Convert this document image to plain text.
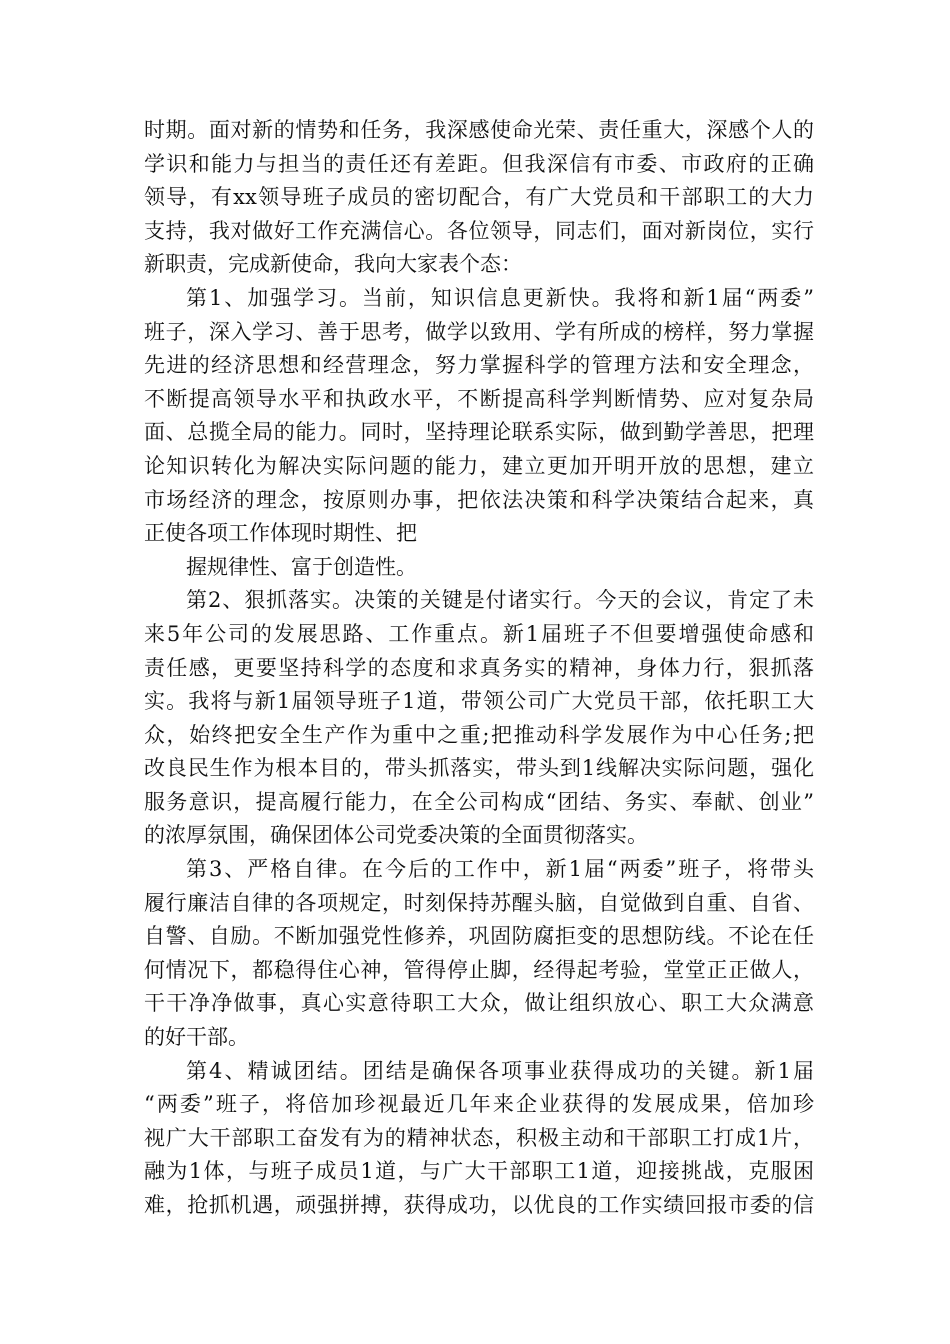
时期。面对新的情势和任务，我深感使命光荣、责任重大，深感个人的
学识和能力与担当的责任还有差距。但我深信有市委、市政府的正确
领导，有xx领导班子成员的密切配合，有广大党员和干部职工的大力
支持，我对做好工作充满信心。各位领导，同志们，面对新岗位，实行
新职责，完成新使命，我向大家表个态：
第1、加强学习。当前，知识信息更新快。我将和新1届“两委”
班子，深入学习、善于思考，做学以致用、学有所成的榜样，努力掌握
先进的经济思想和经营理念，努力掌握科学的管理方法和安全理念，
不断提高领导水平和执政水平，不断提高科学判断情势、应对复杂局
面、总揽全局的能力。同时，坚持理论联系实际，做到勤学善思，把理
论知识转化为解决实际问题的能力，建立更加开明开放的思想，建立
市场经济的理念，按原则办事，把依法决策和科学决策结合起来，真
正使各项工作体现时期性、把
握规律性、富于创造性。
第2、狠抓落实。决策的关键是付诸实行。今天的会议，肯定了未
来5年公司的发展思路、工作重点。新1届班子不但要增强使命感和
责任感，更要坚持科学的态度和求真务实的精神，身体力行，狠抓落
实。我将与新1届领导班子1道，带领公司广大党员干部，依托职工大
众，始终把安全生产作为重中之重;把推动科学发展作为中心任务;把
改良民生作为根本目的，带头抓落实，带头到1线解决实际问题，强化
服务意识，提高履行能力，在全公司构成“团结、务实、奉献、创业”
的浓厚氛围，确保团体公司党委决策的全面贯彻落实。
第3、严格自律。在今后的工作中，新1届“两委”班子，将带头
履行廉洁自律的各项规定，时刻保持苏醒头脑，自觉做到自重、自省、
自警、自励。不断加强党性修养，巩固防腐拒变的思想防线。不论在任
何情况下，都稳得住心神，管得停止脚，经得起考验，堂堂正正做人，
干干净净做事，真心实意待职工大众，做让组织放心、职工大众满意
的好干部。
第4、精诚团结。团结是确保各项事业获得成功的关键。新1届
“两委”班子，将倍加珍视最近几年来企业获得的发展成果，倍加珍
视广大干部职工奋发有为的精神状态，积极主动和干部职工打成1片，
融为1体，与班子成员1道，与广大干部职工1道，迎接挑战，克服困
难，抢抓机遇，顽强拼搏，获得成功，以优良的工作实绩回报市委的信
